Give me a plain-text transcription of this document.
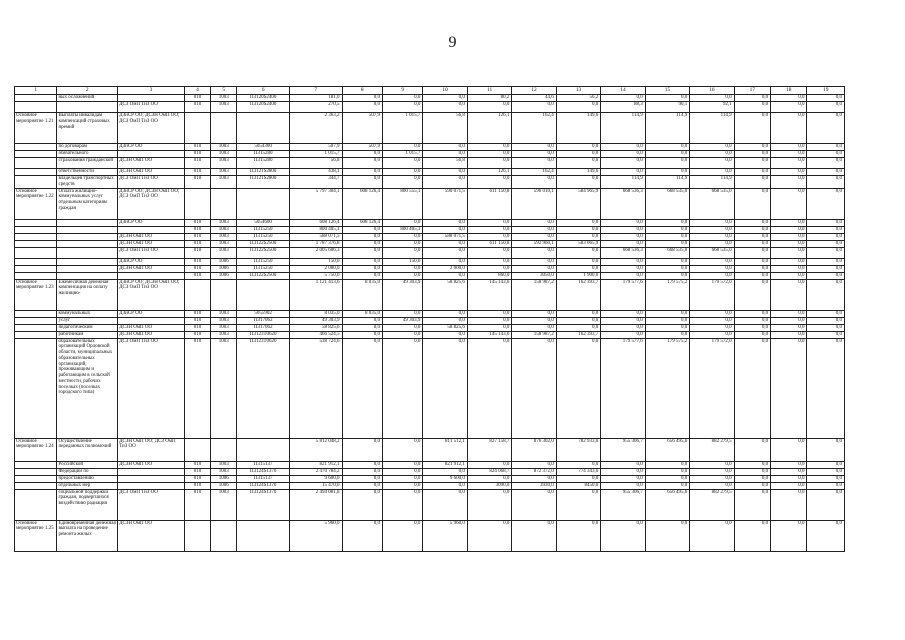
9
1	2	3	4	5	6	7	8	9	10	11	12	13	14	15	16	17	18	19
	ных осложнений		010	1003	П3120S2400	181,0	0,0	0,0	0,0	80,2	44,6	56,2	0,0	0,0	0,0	0,0	0,0	0,0
		ДСЗ ОмП ТиЗ ОО	010	1003	П3120S2400	270,5	0,0	0,0	0,0	0,0	0,0	0,0	88,3	90,1	92,1	0,0	0,0	0,0
Основное мероприятие 1.21	Выплаты инвалидам компенсаций страховых премий	ДЗиСР ОО; ДСЗН ОмП ОО; ДСЗ ОмП ТиЗ ОО				2 363,2	507,9	1 015,7	56,8	126,1	162,4	149,6	114,9	114,9	114,9	0,0	0,0	0,0
	по договорам	ДЗиСР ОО	010	1003	5054300	507,9	507,9	0,0	0,0	0,0	0,0	0,0	0,0	0,0	0,0	0,0	0,0	0,0
	обязательного		010	1003	П315280	1 015,7	0,0	1 015,7	0,0	0,0	0,0	0,0	0,0	0,0	0,0	0,0	0,0	0,0
	страхования гражданской	ДСЗН ОмП ОО	010	1003	П315280	56,8	0,0	0,0	56,8	0,0	0,0	0,0	0,0	0,0	0,0	0,0	0,0	0,0
	ответственности	ДСЗН ОмП ОО	010	1003	П3121S2800	438,1	0,0	0,0	0,0	126,1	162,4	149,6	0,0	0,0	0,0	0,0	0,0	0,0
	владельцев транспортных средств	ДСЗ ОмП ТиЗ ОО	010	1003	П3121S2800	344,7	0,0	0,0	0,0	0,0	0,0	0,0	114,9	114,9	114,9	0,0	0,0	0,0
Основное мероприятие 1.22	Оплата жилищно-коммунальных услуг отдельным категориям граждан	ДЗиСР ОО; ДСЗН ОмП ОО; ДСЗ ОмП ТиЗ ОО				5 797 304,1	608 126,4	800 555,1	590 071,5	611 150,8	596 010,1	584 965,9	668 536,3	668 535,0	668 535,0	0,0	0,0	0,0
		ДЗиСР ОО	010	1003	5054600	608 126,4	608 126,4	0,0	0,0	0,0	0,0	0,0	0,0	0,0	0,0	0,0	0,0	0,0
			010	1003	П315250	800 405,1	0,0	800 405,1	0,0	0,0	0,0	0,0	0,0	0,0	0,0	0,0	0,0	0,0
		ДСЗН ОмП ОО	010	1003	П315250	588 071,5	0,0	0,0	588 071,5	0,0	0,0	0,0	0,0	0,0	0,0	0,0	0,0	0,0
		ДСЗН ОмП ОО	010	1003	П3122S2500	1 787 376,8	0,0	0,0	0,0	611 150,8	592 960,1	583 065,9	0,0	0,0	0,0	0,0	0,0	0,0
		ДСЗ ОмП ТиЗ ОО	010	1003	П3122S2500	2 005 606,3	0,0	0,0	0,0	0,0	0,0	0,0	668 536,3	668 535,0	668 535,0	0,0	0,0	0,0
		ДЗиСР ОО	010	1006	П315250	150,0	0,0	150,0	0,0	0,0	0,0	0,0	0,0	0,0	0,0	0,0	0,0	0,0
		ДСЗН ОмП ОО	010	1006	П315250	2 000,0	0,0	0,0	2 000,0	0,0	0,0	0,0	0,0	0,0	0,0	0,0	0,0	0,0
			010	1006	П3122S2500	5 750,0	0,0	0,0	0,0	860,0	3050,0	1 900,0	0,0	0,0	0,0	0,0	0,0	0,0
Основное мероприятие 1.23	Ежемесячная денежная компенсация на оплату жилищно-	ДЗиСР ОО; ДСЗН ОмП ОО; ДСЗ ОмП ТиЗ ОО				1 121 413,6	8 035,0	49 303,9	58 825,6	145 143,6	158 987,2	162 393,7	179 577,6	179 575,2	179 572,0	0,0	0,0	0,0
	коммунальных	ДЗиСР ОО	010	1003	5055902	8 035,0	8 035,0	0,0	0,0	0,0	0,0	0,0	0,0	0,0	0,0	0,0	0,0	0,0
	услуг		010	1003	П317062	49 303,9	0,0	49 303,9	0,0	0,0	0,0	0,0	0,0	0,0	0,0	0,0	0,0	0,0
	педагогическим	ДСЗН ОмП ОО	010	1003	П317062	58 825,6	0,0	0,0	58 825,6	0,0	0,0	0,0	0,0	0,0	0,0	0,0	0,0	0,0
	работникам	ДСЗН ОмП ОО	010	1003	П3123T0620	466 524,5	0,0	0,0	0,0	145 143,6	158 987,2	162 393,7	0,0	0,0	0,0	0,0	0,0	0,0
	образовательных организаций Орловской области, муниципальных образовательных организаций, проживающим и работающим в сельской местности, рабочих поселках (поселках городского типа)	ДСЗ ОмП ТиЗ ОО	010	1003	П3123T0620	538 724,6	0,0	0,0	0,0	0,0	0,0	0,0	179 577,6	179 575,2	179 572,0	0,0	0,0	0,0
Основное мероприятие 1.24	Осуществление переданных полномочий	ДСЗН ОмП ОО; ДСЗ ОмП ТиЗ ОО				5 812 048,2	0,0	0,0	811 512,1	827 158,7	876 302,0	782 933,6	955 306,7	656 495,6	882 279,5	0,0	0,0	0,0
	Российской	ДСЗН ОмП ОО	010	1003	П315137	821 912,1	0,0	0,0	821 912,1	0,0	0,0	0,0	0,0	0,0	0,0	0,0	0,0	0,0
	Федерации по		010	1003	П3124S1370	2 470 784,2	0,0	0,0	0,0	824 068,7	872 372,0	774 343,6	0,0	0,0	0,0	0,0	0,0	0,0
	предоставлению		010	1006	П315137	9 600,0	0,0	0,0	9 600,0	0,0	0,0	0,0	0,0	0,0	0,0	0,0	0,0	0,0
	отдельных мер		010	1006	П3124S1370	15 470,0	0,0	0,0	0,0	3090,0	3930,0	8450,0	0,0	0,0	0,0	0,0	0,0	0,0
	социальной поддержки граждан, подвергшихся воздействию радиации	ДСЗ ОмП ТиЗ ОО	010	1003	П3124S1370	2 494 081,8	0,0	0,0	0,0	0,0	0,0	0,0	955 306,7	656 495,6	882 279,5	0,0	0,0	0,0
Основное мероприятие 1.25	Единовременная денежная выплата на проведение ремонта жилых	ДСЗН ОмП ОО				5 960,0	0,0	0,0	5 960,0	0,0	0,0	0,0	0,0	0,0	0,0	0,0	0,0	0,0
